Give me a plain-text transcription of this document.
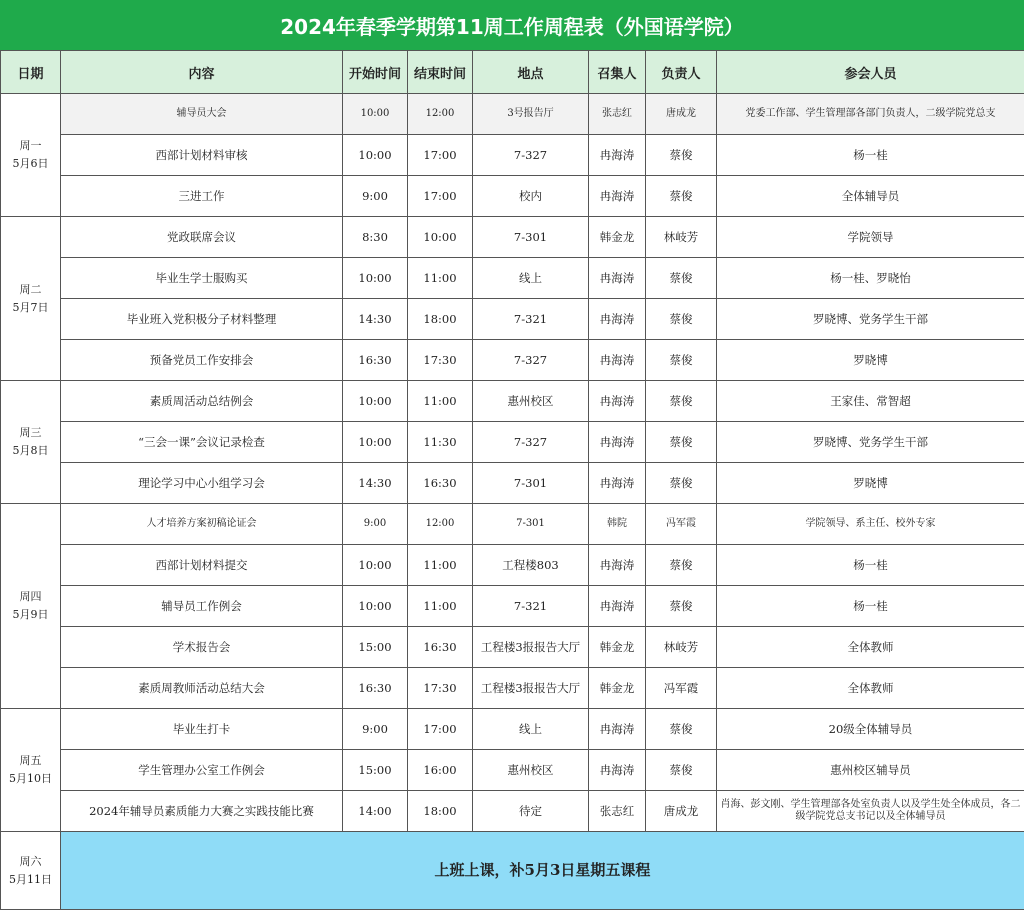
2024年春季学期第11周工作周程表（外国语学院）
日期	内容	开始时间	结束时间	地点	召集人	负责人	参会人员

周一
5月6日	辅导员大会	10:00	12:00	3号报告厅	张志红	唐成龙	党委工作部、学生管理部各部门负责人，二级学院党总支
	西部计划材料审核	10:00	17:00	7-327	冉海涛	蔡俊	杨一桂
	三进工作	9:00	17:00	校内	冉海涛	蔡俊	全体辅导员

周二
5月7日	党政联席会议	8:30	10:00	7-301	韩金龙	林岐芳	学院领导
	毕业生学士服购买	10:00	11:00	线上	冉海涛	蔡俊	杨一桂、罗晓怡
	毕业班入党积极分子材料整理	14:30	18:00	7-321	冉海涛	蔡俊	罗晓博、党务学生干部
	预备党员工作安排会	16:30	17:30	7-327	冉海涛	蔡俊	罗晓博

周三
5月8日	素质周活动总结例会	10:00	11:00	惠州校区	冉海涛	蔡俊	王家佳、常智超
	“三会一课”会议记录检查	10:00	11:30	7-327	冉海涛	蔡俊	罗晓博、党务学生干部
	理论学习中心小组学习会	14:30	16:30	7-301	冉海涛	蔡俊	罗晓博

周四
5月9日	人才培养方案初稿论证会	9:00	12:00	7-301	韩院	冯军霞	学院领导、系主任、校外专家
	西部计划材料提交	10:00	11:00	工程楼803	冉海涛	蔡俊	杨一桂
	辅导员工作例会	10:00	11:00	7-321	冉海涛	蔡俊	杨一桂
	学术报告会	15:00	16:30	工程楼3报报告大厅	韩金龙	林岐芳	全体教师
	素质周教师活动总结大会	16:30	17:30	工程楼3报报告大厅	韩金龙	冯军霞	全体教师

周五
5月10日	毕业生打卡	9:00	17:00	线上	冉海涛	蔡俊	20级全体辅导员
	学生管理办公室工作例会	15:00	16:00	惠州校区	冉海涛	蔡俊	惠州校区辅导员
	2024年辅导员素质能力大赛之实践技能比赛	14:00	18:00	待定	张志红	唐成龙	肖海、彭文刚、学生管理部各处室负责人以及学生处全体成员，各二级学院党总支书记以及全体辅导员

周六
5月11日	上班上课，补5月3日星期五课程						
